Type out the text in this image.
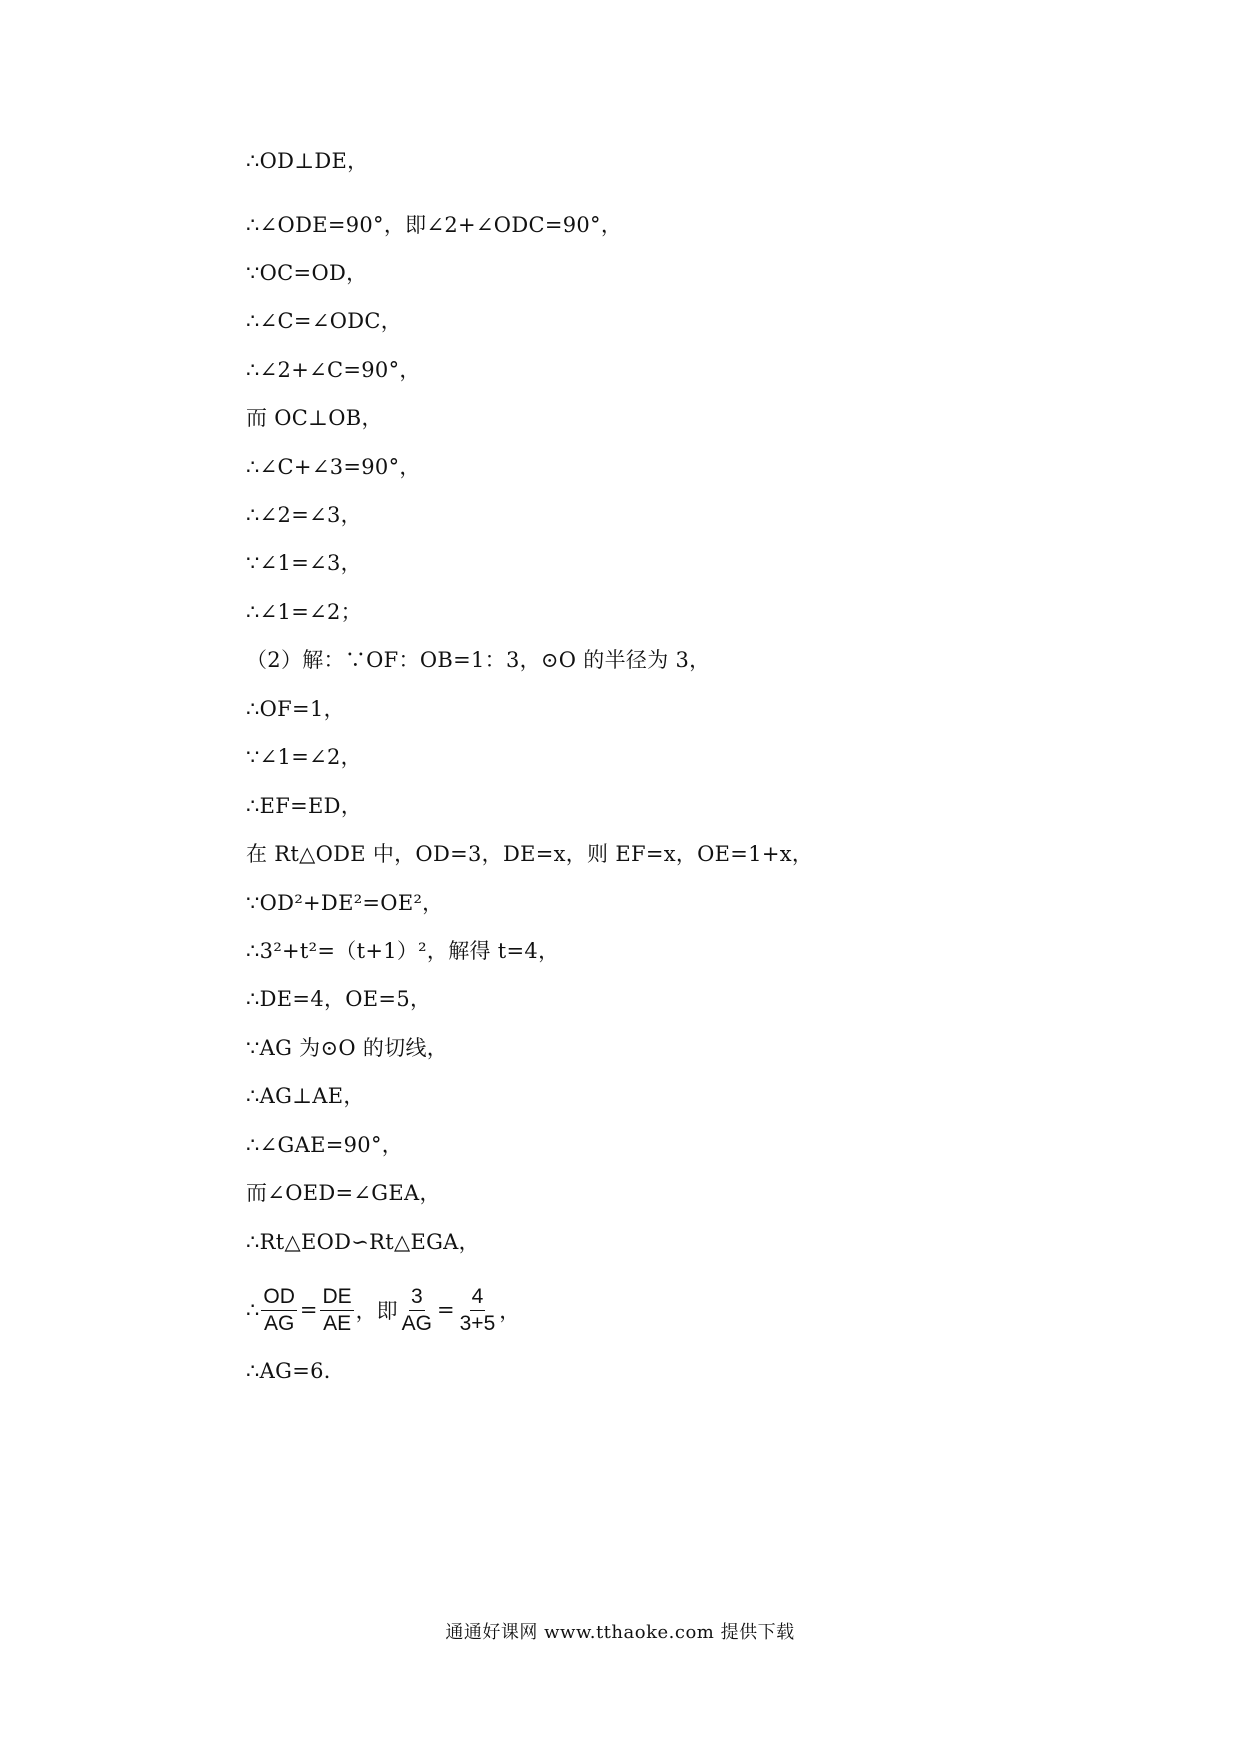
∴OD⊥DE，
∴∠ODE=90°，即∠2+∠ODC=90°，
∵OC=OD，
∴∠C=∠ODC，
∴∠2+∠C=90°，
而 OC⊥OB，
∴∠C+∠3=90°，
∴∠2=∠3，
∵∠1=∠3，
∴∠1=∠2；
（2）解：∵OF：OB=1：3，⊙O 的半径为 3，
∴OF=1，
∵∠1=∠2，
∴EF=ED，
在 Rt△ODE 中，OD=3，DE=x，则 EF=x，OE=1+x，
∵OD²+DE²=OE²，
∴3²+t²=（t+1）²，解得 t=4，
∴DE=4，OE=5，
∵AG 为⊙O 的切线，
∴AG⊥AE，
∴∠GAE=90°，
而∠OED=∠GEA，
∴Rt△EOD∽Rt△EGA，
∴ $\frac{OD}{AG} = \frac{DE}{AE}$ ，即 $\frac{3}{AG} = \frac{4}{3+5}$ ，
∴AG=6．
通通好课网 www.tthaoke.com 提供下载
